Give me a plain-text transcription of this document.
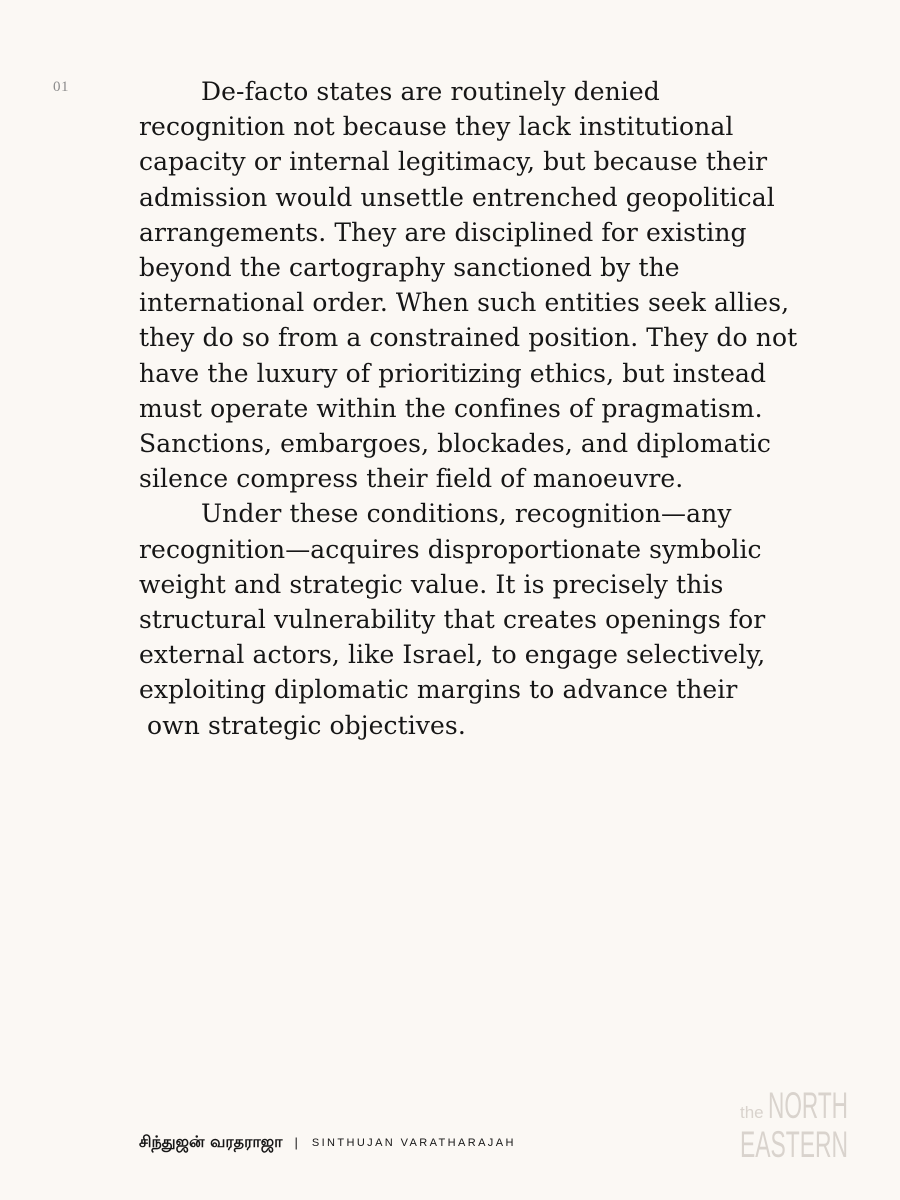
01	De-facto states are routinely denied
recognition not because they lack institutional
capacity or internal legitimacy, but because their
admission would unsettle entrenched geopolitical
arrangements. They are disciplined for existing
beyond the cartography sanctioned by the
international order. When such entities seek allies,
they do so from a constrained position. They do not
have the luxury of prioritizing ethics, but instead
must operate within the confines of pragmatism.
Sanctions, embargoes, blockades, and diplomatic
silence compress their field of manoeuvre.

Under these conditions, recognition—any
recognition—acquires disproportionate symbolic
weight and strategic value. It is precisely this
structural vulnerability that creates openings for
external actors, like Israel, to engage selectively,
exploiting diplomatic margins to advance their
own strategic objectives.

சிந்துஜன் வரதராஜா | SINTHUJAN VARATHARAJAH
the NORTH
EASTERN
